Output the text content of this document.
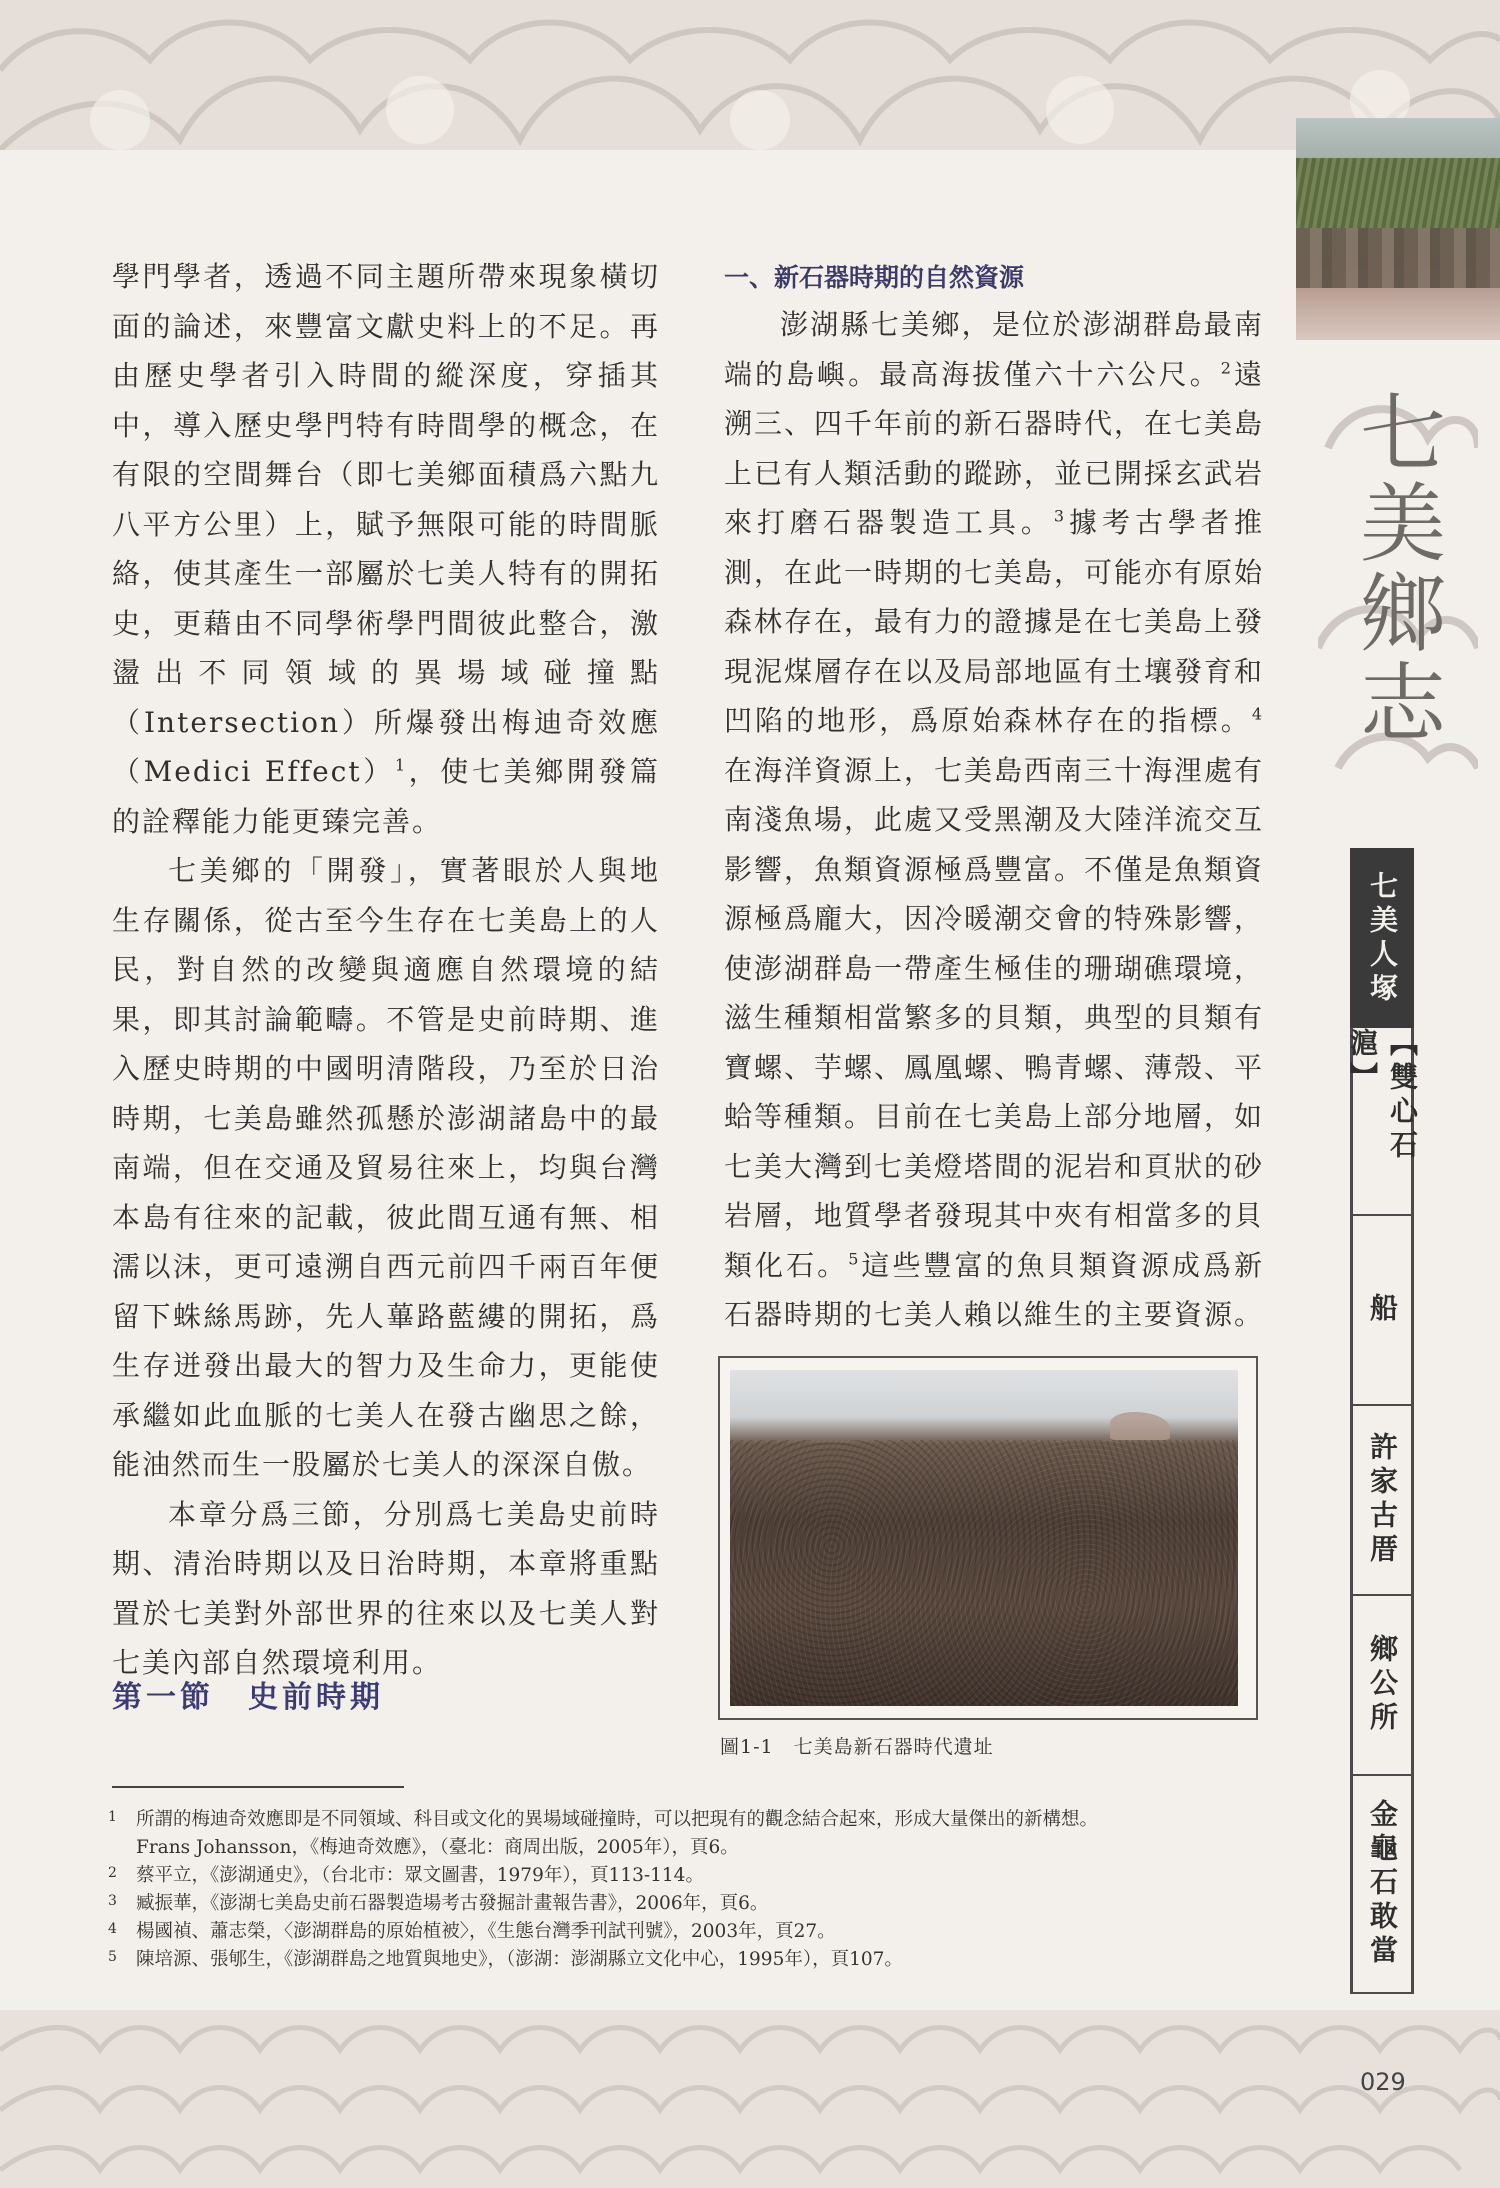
七美鄉志
七美人塚
【雙心石滬】
船
許家古厝
鄉公所
金龜石敢當

學門學者，透過不同主題所帶來現象橫切面的論述，來豐富文獻史料上的不足。再由歷史學者引入時間的縱深度，穿插其中，導入歷史學門特有時間學的概念，在有限的空間舞台（即七美鄉面積爲六點九八平方公里）上，賦予無限可能的時間脈絡，使其產生一部屬於七美人特有的開拓史，更藉由不同學術學門間彼此整合，激盪出不同領域的異場域碰撞點（Intersection）所爆發出梅迪奇效應（Medici Effect）$^1$，使七美鄉開發篇的詮釋能力能更臻完善。

七美鄉的「開發」，實著眼於人與地生存關係，從古至今生存在七美島上的人民，對自然的改變與適應自然環境的結果，即其討論範疇。不管是史前時期、進入歷史時期的中國明清階段，乃至於日治時期，七美島雖然孤懸於澎湖諸島中的最南端，但在交通及貿易往來上，均與台灣本島有往來的記載，彼此間互通有無、相濡以沫，更可遠溯自西元前四千兩百年便留下蛛絲馬跡，先人蓽路藍縷的開拓，爲生存迸發出最大的智力及生命力，更能使承繼如此血脈的七美人在發古幽思之餘，能油然而生一股屬於七美人的深深自傲。

本章分爲三節，分別爲七美島史前時期、清治時期以及日治時期，本章將重點置於七美對外部世界的往來以及七美人對七美內部自然環境利用。

第一節　史前時期
一、新石器時期的自然資源

澎湖縣七美鄉，是位於澎湖群島最南端的島嶼。最高海拔僅六十六公尺。$^2$遠溯三、四千年前的新石器時代，在七美島上已有人類活動的蹤跡，並已開採玄武岩來打磨石器製造工具。$^3$據考古學者推測，在此一時期的七美島，可能亦有原始森林存在，最有力的證據是在七美島上發現泥煤層存在以及局部地區有土壤發育和凹陷的地形，爲原始森林存在的指標。$^4$在海洋資源上，七美島西南三十海浬處有南淺魚場，此處又受黑潮及大陸洋流交互影響，魚類資源極爲豐富。不僅是魚類資源極爲龐大，因冷暖潮交會的特殊影響，使澎湖群島一帶產生極佳的珊瑚礁環境，滋生種類相當繁多的貝類，典型的貝類有寶螺、芋螺、鳳凰螺、鴨青螺、薄殼、平蛤等種類。目前在七美島上部分地層，如七美大灣到七美燈塔間的泥岩和頁狀的砂岩層，地質學者發現其中夾有相當多的貝類化石。$^5$這些豐富的魚貝類資源成爲新石器時期的七美人賴以維生的主要資源。

圖1-1　七美島新石器時代遺址
1	所謂的梅迪奇效應即是不同領域、科目或文化的異場域碰撞時，可以把現有的觀念結合起來，形成大量傑出的新構想。
Frans Johansson，《梅迪奇效應》，（臺北：商周出版，2005年），頁6。
2	蔡平立，《澎湖通史》，（台北市：眾文圖書，1979年），頁113-114。
3	臧振華，《澎湖七美島史前石器製造場考古發掘計畫報告書》，2006年，頁6。
4	楊國禎、蕭志榮，〈澎湖群島的原始植被〉，《生態台灣季刊試刊號》，2003年，頁27。
5	陳培源、張郇生，《澎湖群島之地質與地史》，（澎湖：澎湖縣立文化中心，1995年），頁107。
029
